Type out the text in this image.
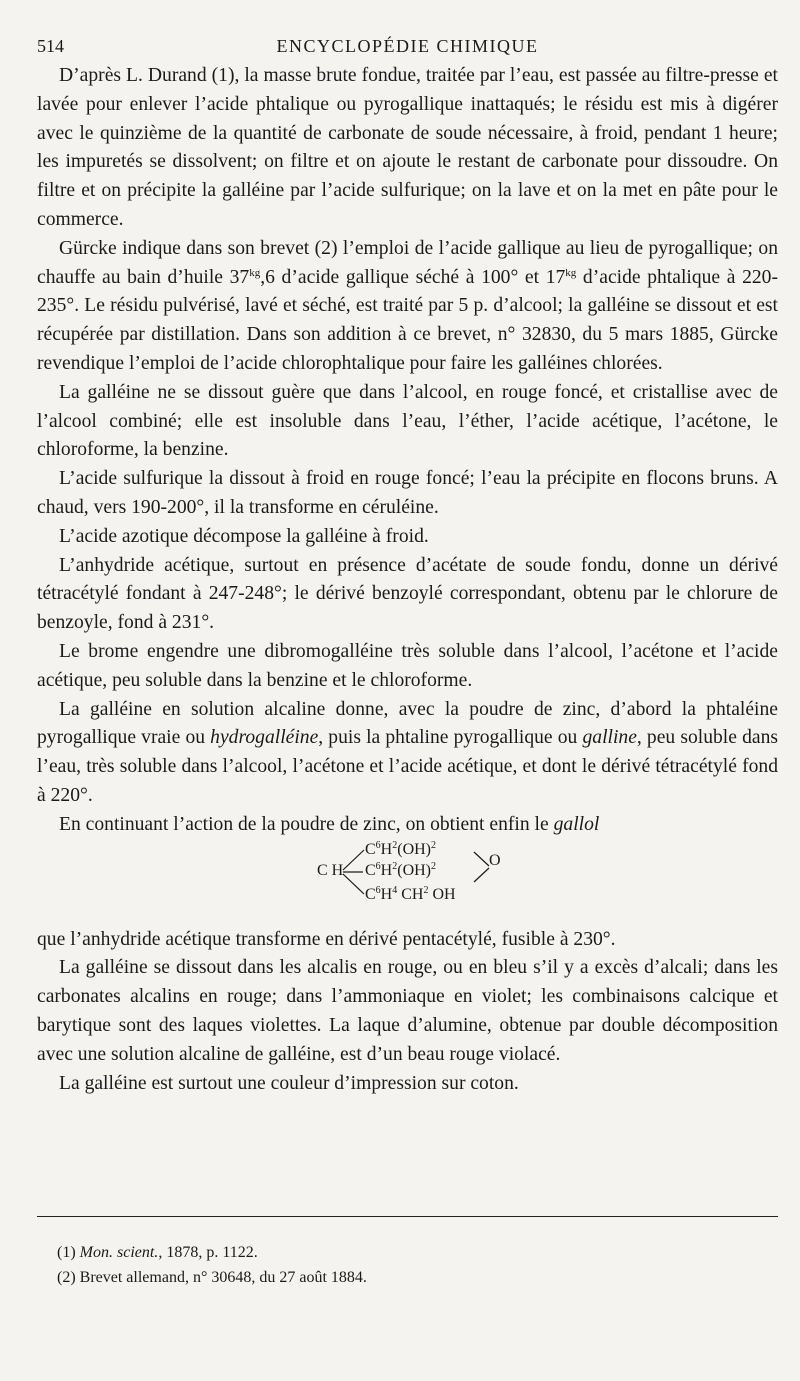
514	ENCYCLOPÉDIE CHIMIQUE

D’après L. Durand (1), la masse brute fondue, traitée par l’eau, est passée au filtre-presse et lavée pour enlever l’acide phtalique ou pyrogallique inattaqués; le résidu est mis à digérer avec le quinzième de la quantité de carbonate de soude nécessaire, à froid, pendant 1 heure; les impuretés se dissolvent; on filtre et on ajoute le restant de carbonate pour dissoudre. On filtre et on précipite la galléine par l’acide sulfurique; on la lave et on la met en pâte pour le commerce.

Gürcke indique dans son brevet (2) l’emploi de l’acide gallique au lieu de pyrogallique; on chauffe au bain d’huile $37^{kg},6$ d’acide gallique séché à 100° et $17^{kg}$ d’acide phtalique à 220-235°. Le résidu pulvérisé, lavé et séché, est traité par 5 p. d’alcool; la galléine se dissout et est récupérée par distillation. Dans son addition à ce brevet, n° 32830, du 5 mars 1885, Gürcke revendique l’emploi de l’acide chlorophtalique pour faire les galléines chlorées.

La galléine ne se dissout guère que dans l’alcool, en rouge foncé, et cristallise avec de l’alcool combiné; elle est insoluble dans l’eau, l’éther, l’acide acétique, l’acétone, le chloroforme, la benzine.

L’acide sulfurique la dissout à froid en rouge foncé; l’eau la précipite en flocons bruns. A chaud, vers 190-200°, il la transforme en céruléine.

L’acide azotique décompose la galléine à froid.

L’anhydride acétique, surtout en présence d’acétate de soude fondu, donne un dérivé tétracétylé fondant à 247-248°; le dérivé benzoylé correspondant, obtenu par le chlorure de benzoyle, fond à 231°.

Le brome engendre une dibromogalléine très soluble dans l’alcool, l’acétone et l’acide acétique, peu soluble dans la benzine et le chloroforme.

La galléine en solution alcaline donne, avec la poudre de zinc, d’abord la phtaléine pyrogallique vraie ou hydrogalléine, puis la phtaline pyrogallique ou galline, peu soluble dans l’eau, très soluble dans l’alcool, l’acétone et l’acide acétique, et dont le dérivé tétracétylé fond à 220°.

En continuant l’action de la poudre de zinc, on obtient enfin le gallol

C H
$C^6H^2(OH)^2$
$C^6H^2(OH)^2$
$C^6H^4$ $CH^2$ OH
O

que l’anhydride acétique transforme en dérivé pentacétylé, fusible à 230°.

La galléine se dissout dans les alcalis en rouge, ou en bleu s’il y a excès d’alcali; dans les carbonates alcalins en rouge; dans l’ammoniaque en violet; les combinaisons calcique et barytique sont des laques violettes. La laque d’alumine, obtenue par double décomposition avec une solution alcaline de galléine, est d’un beau rouge violacé.

La galléine est surtout une couleur d’impression sur coton.

(1) Mon. scient., 1878, p. 1122.
(2) Brevet allemand, n° 30648, du 27 août 1884.
